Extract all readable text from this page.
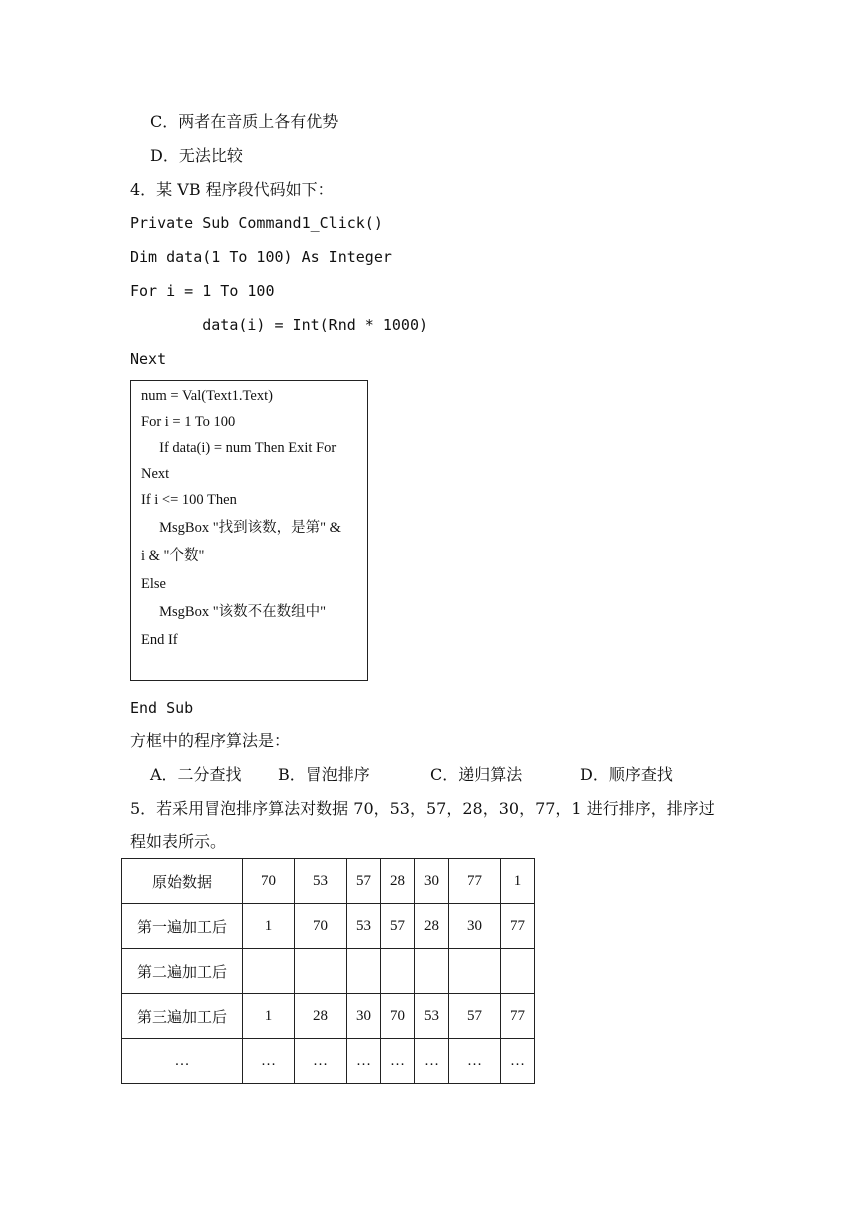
C．两者在音质上各有优势
D．无法比较
4．某 VB 程序段代码如下：
Private Sub Command1_Click()
Dim data(1 To 100) As Integer
For i = 1 To 100
data(i) = Int(Rnd * 1000)
Next
num = Val(Text1.Text)
For i = 1 To 100
If data(i) = num Then Exit For
Next
If i <= 100 Then
MsgBox "找到该数，是第" &
i & "个数"
Else
MsgBox "该数不在数组中"
End If
End Sub
方框中的程序算法是：
A．二分查找 B．冒泡排序	C．递归算法	D．顺序查找
5．若采用冒泡排序算法对数据 70，53，57，28，30，77，1 进行排序，排序过
程如表所示。
原始数据	70	53	57	28	30	77	1
第一遍加工后	1	70	53	57	28	30	77
第二遍加工后							
第三遍加工后	1	28	30	70	53	57	77
…	…	…	…	…	…	…	…
